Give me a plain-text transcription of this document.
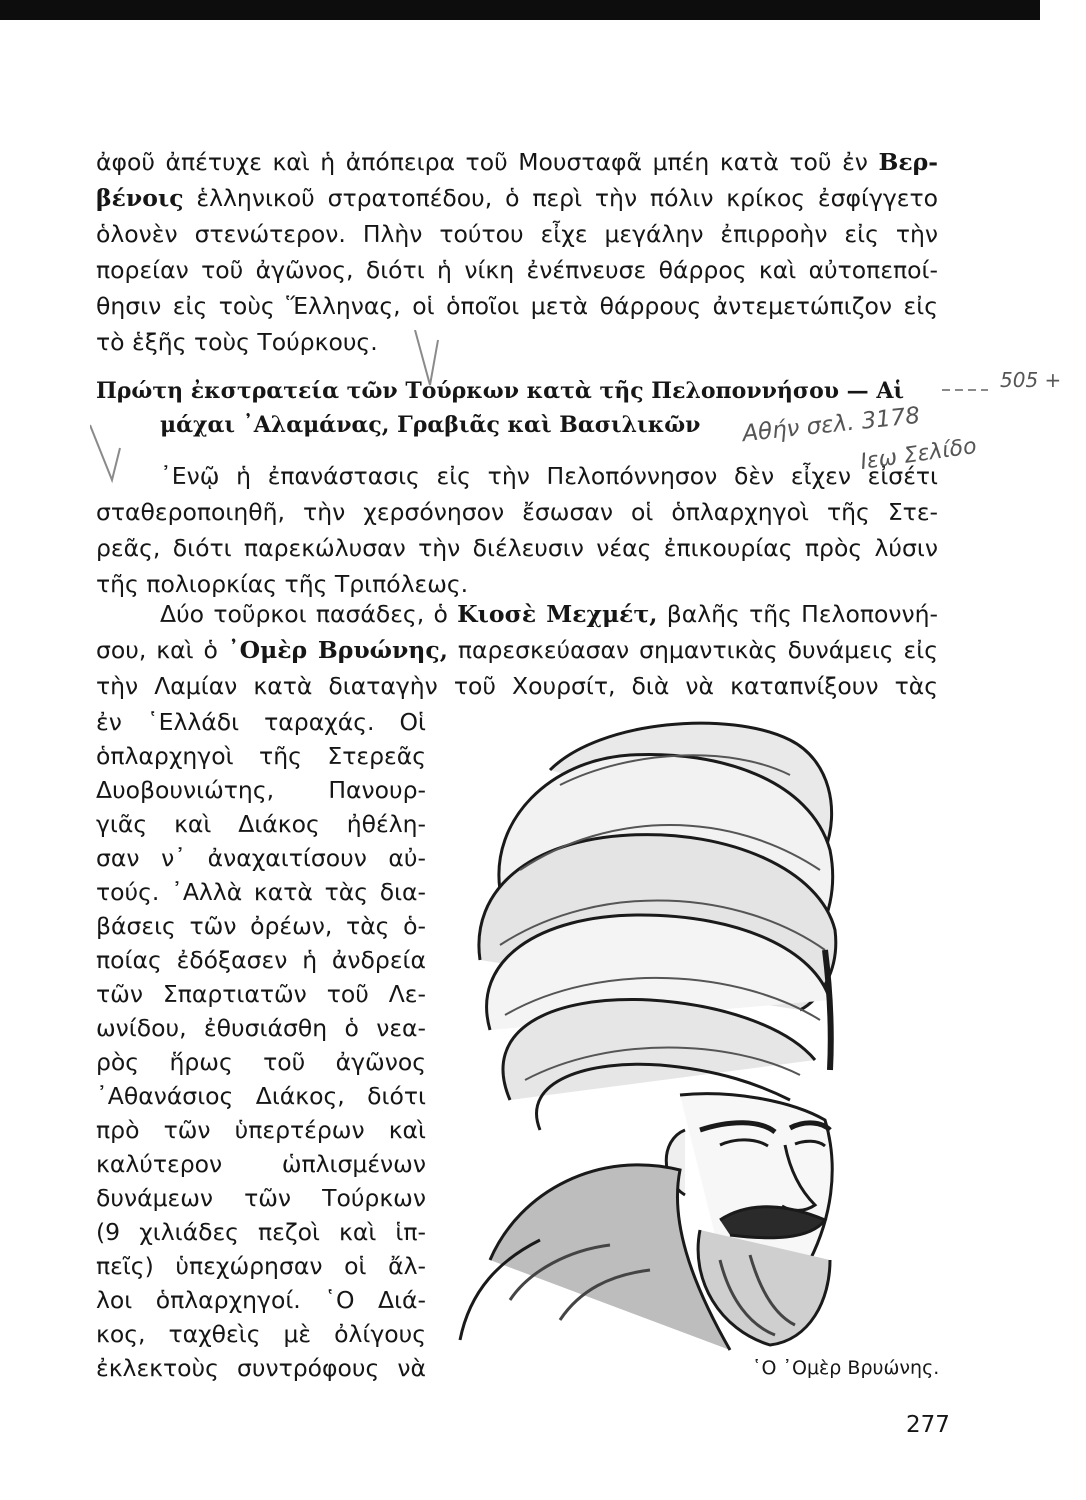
ἀφοῦ ἀπέτυχε καὶ ἡ ἀπόπειρα τοῦ Μουσταφᾶ μπέη κατὰ τοῦ ἐν Βερ-
βένοις ἑλληνικοῦ στρατοπέδου, ὁ περὶ τὴν πόλιν κρίκος ἐσφίγγετο
ὁλονὲν στενώτερον. Πλὴν τούτου εἶχε μεγάλην ἐπιρροὴν εἰς τὴν
πορείαν τοῦ ἀγῶνος, διότι ἡ νίκη ἐνέπνευσε θάρρος καὶ αὐτοπεποί-
θησιν εἰς τοὺς Ἕλληνας, οἱ ὁποῖοι μετὰ θάρρους ἀντεμετώπιζον εἰς
τὸ ἑξῆς τοὺς Τούρκους.
Πρώτη ἐκστρατεία τῶν Τούρκων κατὰ τῆς Πελοποννήσου — Αἱ
μάχαι ᾿Αλαμάνας, Γραβιᾶς καὶ Βασιλικῶν
᾿Ενῷ ἡ ἐπανάστασις εἰς τὴν Πελοπόννησον δὲν εἶχεν εἰσέτι
σταθεροποιηθῆ, τὴν χερσόνησον ἔσωσαν οἱ ὁπλαρχηγοὶ τῆς Στε-
ρεᾶς, διότι παρεκώλυσαν τὴν διέλευσιν νέας ἐπικουρίας πρὸς λύσιν
τῆς πολιορκίας τῆς Τριπόλεως.
Δύο τοῦρκοι πασάδες, ὁ Κιοσὲ Μεχμέτ, βαλῆς τῆς Πελοποννή-
σου, καὶ ὁ ᾿Ομὲρ Βρυώνης, παρεσκεύασαν σημαντικὰς δυνάμεις εἰς
τὴν Λαμίαν κατὰ διαταγὴν τοῦ Χουρσίτ, διὰ νὰ καταπνίξουν τὰς
ἐν ῾Ελλάδι ταραχάς. Οἱ
ὁπλαρχηγοὶ τῆς Στερεᾶς
Δυοβουνιώτης, Πανουρ-
γιᾶς καὶ Διάκος ἠθέλη-
σαν ν᾿ ἀναχαιτίσουν αὐ-
τούς. ᾿Αλλὰ κατὰ τὰς δια-
βάσεις τῶν ὀρέων, τὰς ὁ-
ποίας ἐδόξασεν ἡ ἀνδρεία
τῶν Σπαρτιατῶν τοῦ Λε-
ωνίδου, ἐθυσιάσθη ὁ νεα-
ρὸς ἥρως τοῦ ἀγῶνος
᾿Αθανάσιος Διάκος, διότι
πρὸ τῶν ὑπερτέρων καὶ
καλύτερον ὡπλισμένων
δυνάμεων τῶν Τούρκων
(9 χιλιάδες πεζοὶ καὶ ἱπ-
πεῖς) ὑπεχώρησαν οἱ ἄλ-
λοι ὁπλαρχηγοί. ῾Ο Διά-
κος, ταχθεὶς μὲ ὀλίγους
ἐκλεκτοὺς συντρόφους νὰ	῾Ο ᾿Ομὲρ Βρυώνης.
505 +
Αθήν σελ. 3178
Ιεω Σελίδο
277
